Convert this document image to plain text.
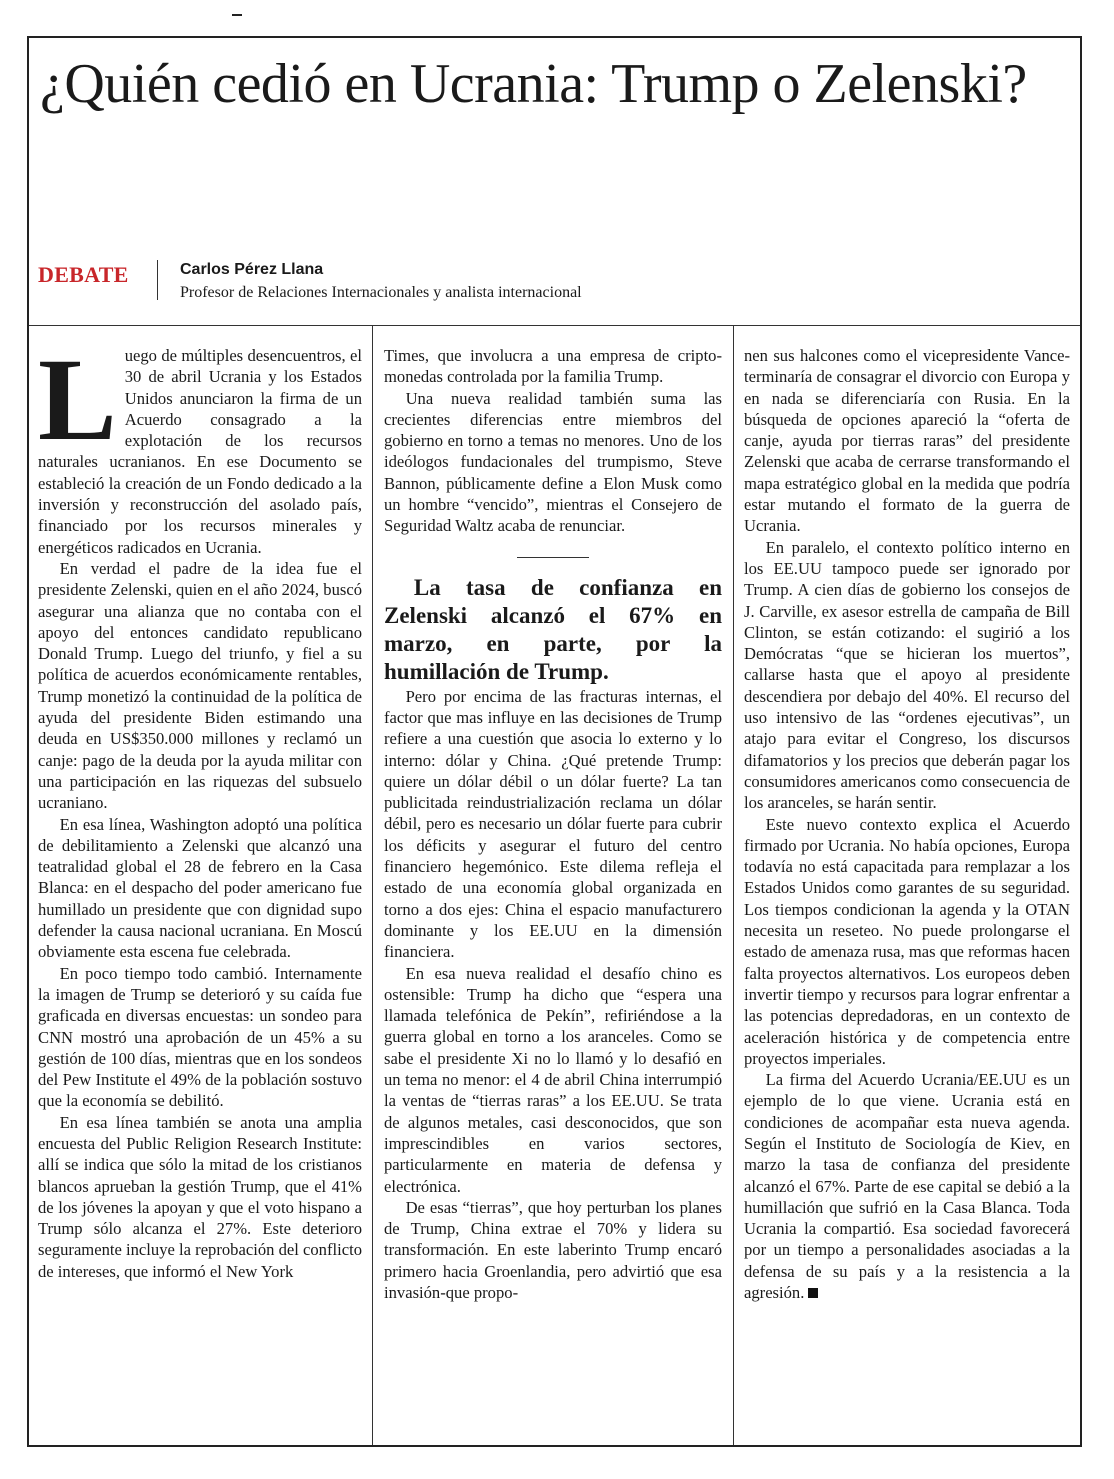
¿Quién cedió en Ucrania: Trump o Zelenski?
DEBATE	Carlos Pérez Llana
Profesor de Relaciones Internacionales y analista internacional

Luego de múltiples desencuentros, el 30 de abril Ucrania y los Estados Unidos anunciaron la firma de un Acuerdo consagrado a la explotación de los recursos naturales ucranianos. En ese Documento se estableció la creación de un Fondo dedicado a la inversión y reconstrucción del asolado país, financiado por los recursos minerales y energéticos radicados en Ucrania.

En verdad el padre de la idea fue el presidente Zelenski, quien en el año 2024, buscó asegurar una alianza que no contaba con el apoyo del entonces candidato republicano Donald Trump. Luego del triunfo, y fiel a su política de acuerdos económicamente rentables, Trump monetizó la continuidad de la política de ayuda del presidente Biden estimando una deuda en US$350.000 millones y reclamó un canje: pago de la deuda por la ayuda militar con una participación en las riquezas del subsuelo ucraniano.

En esa línea, Washington adoptó una política de debilitamiento a Zelenski que alcanzó una teatralidad global el 28 de febrero en la Casa Blanca: en el despacho del poder americano fue humillado un presidente que con dignidad supo defender la causa nacional ucraniana. En Moscú obviamente esta escena fue celebrada.

En poco tiempo todo cambió. Internamente la imagen de Trump se deterioró y su caída fue graficada en diversas encuestas: un sondeo para CNN mostró una aprobación de un 45% a su gestión de 100 días, mientras que en los sondeos del Pew Institute el 49% de la población sostuvo que la economía se debilitó.

En esa línea también se anota una amplia encuesta del Public Religion Research Institute: allí se indica que sólo la mitad de los cristianos blancos aprueban la gestión Trump, que el 41% de los jóvenes la apoyan y que el voto hispano a Trump sólo alcanza el 27%. Este deterioro seguramente incluye la reprobación del conflicto de intereses, que informó el New York

Times, que involucra a una empresa de cripto-monedas controlada por la familia Trump.

Una nueva realidad también suma las crecientes diferencias entre miembros del gobierno en torno a temas no menores. Uno de los ideólogos fundacionales del trumpismo, Steve Bannon, públicamente define a Elon Musk como un hombre “vencido”, mientras el Consejero de Seguridad Waltz acaba de renunciar.

La tasa de confianza en Zelenski alcanzó el 67% en marzo, en parte, por la humillación de Trump.

Pero por encima de las fracturas internas, el factor que mas influye en las decisiones de Trump refiere a una cuestión que asocia lo externo y lo interno: dólar y China. ¿Qué pretende Trump: quiere un dólar débil o un dólar fuerte? La tan publicitada reindustrialización reclama un dólar débil, pero es necesario un dólar fuerte para cubrir los déficits y asegurar el futuro del centro financiero hegemónico. Este dilema refleja el estado de una economía global organizada en torno a dos ejes: China el espacio manufacturero dominante y los EE.UU en la dimensión financiera.

En esa nueva realidad el desafío chino es ostensible: Trump ha dicho que “espera una llamada telefónica de Pekín”, refiriéndose a la guerra global en torno a los aranceles. Como se sabe el presidente Xi no lo llamó y lo desafió en un tema no menor: el 4 de abril China interrumpió la ventas de “tierras raras” a los EE.UU. Se trata de algunos metales, casi desconocidos, que son imprescindibles en varios sectores, particularmente en materia de defensa y electrónica.

De esas “tierras”, que hoy perturban los planes de Trump, China extrae el 70% y lidera su transformación. En este laberinto Trump encaró primero hacia Groenlandia, pero advirtió que esa invasión-que propo-

nen sus halcones como el vicepresidente Vance- terminaría de consagrar el divorcio con Europa y en nada se diferenciaría con Rusia. En la búsqueda de opciones apareció la “oferta de canje, ayuda por tierras raras” del presidente Zelenski que acaba de cerrarse transformando el mapa estratégico global en la medida que podría estar mutando el formato de la guerra de Ucrania.

En paralelo, el contexto político interno en los EE.UU tampoco puede ser ignorado por Trump. A cien días de gobierno los consejos de J. Carville, ex asesor estrella de campaña de Bill Clinton, se están cotizando: el sugirió a los Demócratas “que se hicieran los muertos”, callarse hasta que el apoyo al presidente descendiera por debajo del 40%. El recurso del uso intensivo de las “ordenes ejecutivas”, un atajo para evitar el Congreso, los discursos difamatorios y los precios que deberán pagar los consumidores americanos como consecuencia de los aranceles, se harán sentir.

Este nuevo contexto explica el Acuerdo firmado por Ucrania. No había opciones, Europa todavía no está capacitada para remplazar a los Estados Unidos como garantes de su seguridad. Los tiempos condicionan la agenda y la OTAN necesita un reseteo. No puede prolongarse el estado de amenaza rusa, mas que reformas hacen falta proyectos alternativos. Los europeos deben invertir tiempo y recursos para lograr enfrentar a las potencias depredadoras, en un contexto de aceleración histórica y de competencia entre proyectos imperiales.

La firma del Acuerdo Ucrania/EE.UU es un ejemplo de lo que viene. Ucrania está en condiciones de acompañar esta nueva agenda. Según el Instituto de Sociología de Kiev, en marzo la tasa de confianza del presidente alcanzó el 67%. Parte de ese capital se debió a la humillación que sufrió en la Casa Blanca. Toda Ucrania la compartió. Esa sociedad favorecerá por un tiempo a personalidades asociadas a la defensa de su país y a la resistencia a la agresión.
